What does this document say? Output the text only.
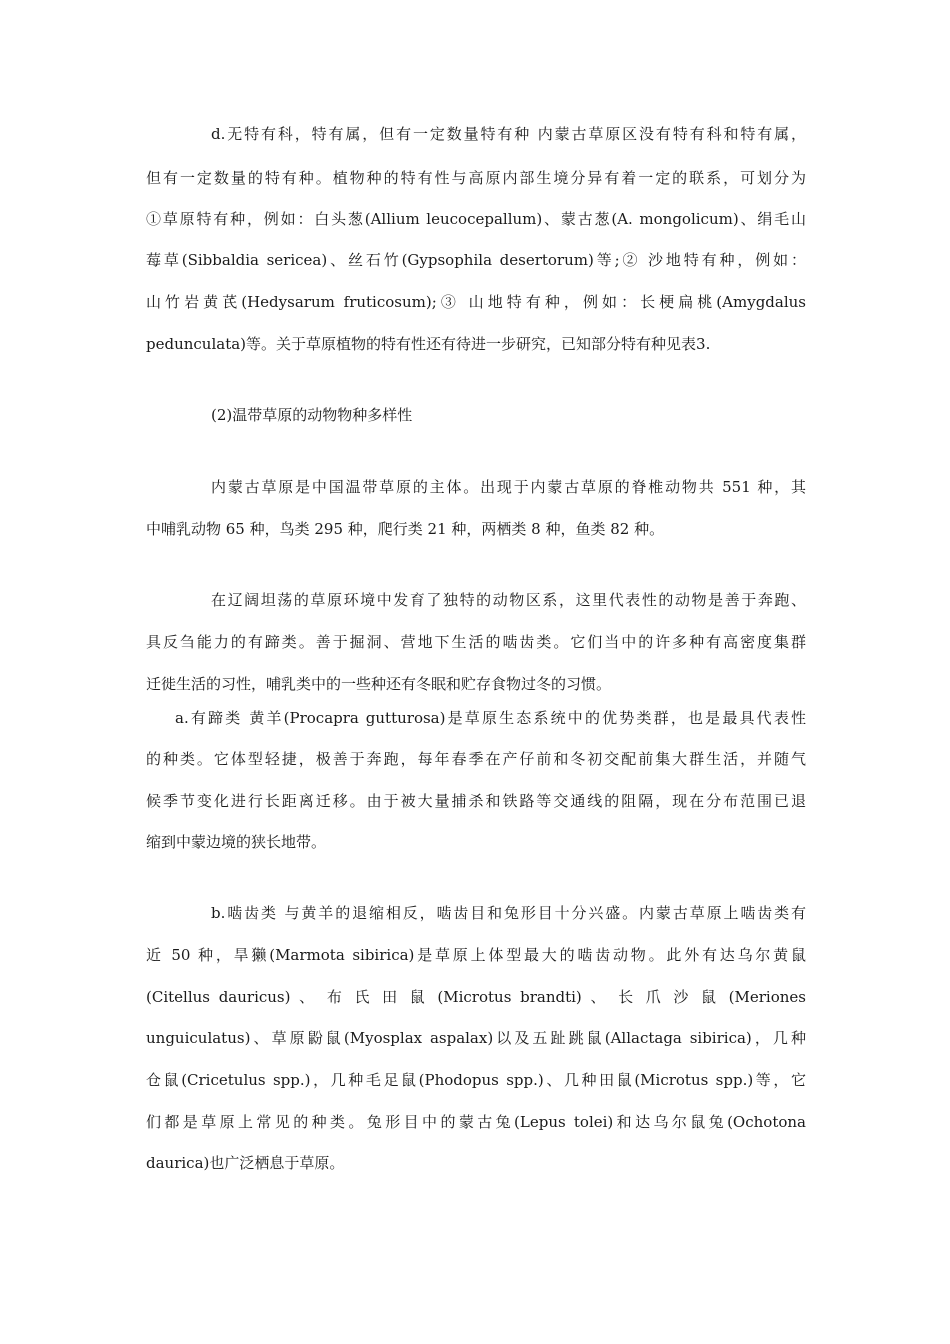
d.无特有科，特有属，但有一定数量特有种 内蒙古草原区没有特有科和特有属，
但有一定数量的特有种。植物种的特有性与高原内部生境分异有着一定的联系，可划分为
①草原特有种，例如：白头葱(Allium leucocepallum)、蒙古葱(A. mongolicum)、绢毛山
莓草(Sibbaldia sericea)、丝石竹(Gypsophila desertorum)等;② 沙地特有种，例如：
山竹岩黄芪(Hedysarum fruticosum);③ 山地特有种，例如：长梗扁桃(Amygdalus
pedunculata)等。关于草原植物的特有性还有待进一步研究，已知部分特有种见表3.
(2)温带草原的动物物种多样性
内蒙古草原是中国温带草原的主体。出现于内蒙古草原的脊椎动物共 551 种，其
中哺乳动物 65 种，鸟类 295 种，爬行类 21 种，两栖类 8 种，鱼类 82 种。
在辽阔坦荡的草原环境中发育了独特的动物区系，这里代表性的动物是善于奔跑、
具反刍能力的有蹄类。善于掘洞、营地下生活的啮齿类。它们当中的许多种有高密度集群
迁徙生活的习性，哺乳类中的一些种还有冬眠和贮存食物过冬的习惯。
a.有蹄类 黄羊(Procapra gutturosa)是草原生态系统中的优势类群，也是最具代表性
的种类。它体型轻捷，极善于奔跑，每年春季在产仔前和冬初交配前集大群生活，并随气
候季节变化进行长距离迁移。由于被大量捕杀和铁路等交通线的阻隔，现在分布范围已退
缩到中蒙边境的狭长地带。
b.啮齿类 与黄羊的退缩相反，啮齿目和兔形目十分兴盛。内蒙古草原上啮齿类有
近 50 种，旱獭(Marmota sibirica)是草原上体型最大的啮齿动物。此外有达乌尔黄鼠
(Citellus dauricus) 、 布 氏 田 鼠 (Microtus brandti) 、 长 爪 沙 鼠 (Meriones
unguiculatus)、草原鼢鼠(Myosplax aspalax)以及五趾跳鼠(Allactaga sibirica)，几种
仓鼠(Cricetulus spp.)，几种毛足鼠(Phodopus spp.)、几种田鼠(Microtus spp.)等，它
们都是草原上常见的种类。兔形目中的蒙古兔(Lepus tolei)和达乌尔鼠兔(Ochotona
daurica)也广泛栖息于草原。
